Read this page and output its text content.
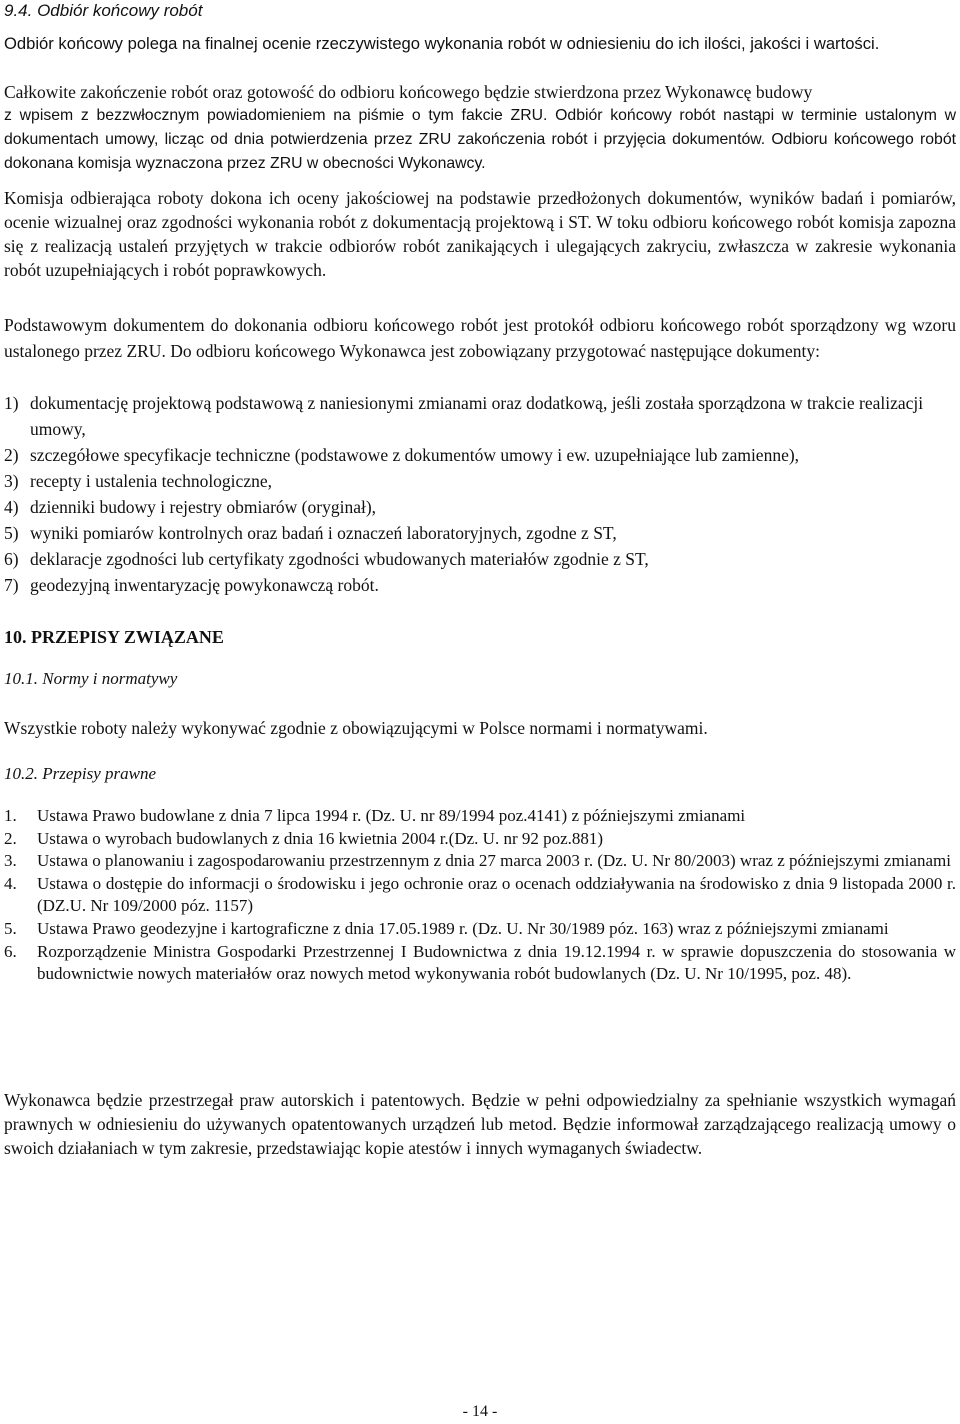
9.4. Odbiór końcowy robót

Odbiór końcowy polega na finalnej ocenie rzeczywistego wykonania robót w odniesieniu do ich ilości, jakości i wartości.

Całkowite zakończenie robót oraz gotowość do odbioru końcowego będzie stwierdzona przez Wykonawcę budowy

z wpisem z bezzwłocznym powiadomieniem na piśmie o tym fakcie ZRU. Odbiór końcowy robót nastąpi w terminie ustalonym w dokumentach umowy, licząc od dnia potwierdzenia przez ZRU zakończenia robót i przyjęcia dokumentów. Odbioru końcowego robót dokonana komisja wyznaczona przez ZRU w obecności Wykonawcy.

Komisja odbierająca roboty dokona ich oceny jakościowej na podstawie przedłożonych dokumentów, wyników badań i pomiarów, ocenie wizualnej oraz zgodności wykonania robót z dokumentacją projektową i ST. W toku odbioru końcowego robót komisja zapozna się z realizacją ustaleń przyjętych w trakcie odbiorów robót zanikających i ulegających zakryciu, zwłaszcza w zakresie wykonania robót uzupełniających i robót poprawkowych.

Podstawowym dokumentem do dokonania odbioru końcowego robót jest protokół odbioru końcowego robót sporządzony wg wzoru ustalonego przez ZRU. Do odbioru końcowego Wykonawca jest zobowiązany przygotować następujące dokumenty:

1) dokumentację projektową podstawową z naniesionymi zmianami oraz dodatkową, jeśli została sporządzona w trakcie realizacji umowy,
2) szczegółowe specyfikacje techniczne (podstawowe z dokumentów umowy i ew. uzupełniające lub zamienne),
3) recepty i ustalenia technologiczne,
4) dzienniki budowy i rejestry obmiarów (oryginał),
5) wyniki pomiarów kontrolnych oraz badań i oznaczeń laboratoryjnych, zgodne z ST,
6) deklaracje zgodności lub certyfikaty zgodności wbudowanych materiałów zgodnie z ST,
7) geodezyjną inwentaryzację powykonawczą robót.
10. PRZEPISY ZWIĄZANE
10.1. Normy i normatywy

Wszystkie roboty należy wykonywać zgodnie z obowiązującymi w Polsce normami i normatywami.

10.2. Przepisy prawne
1. Ustawa Prawo budowlane z dnia 7 lipca 1994 r. (Dz. U. nr 89/1994 poz.4141) z późniejszymi zmianami
2. Ustawa o wyrobach budowlanych z dnia 16 kwietnia 2004 r.(Dz. U. nr 92 poz.881)
3. Ustawa o planowaniu i zagospodarowaniu przestrzennym z dnia 27 marca 2003 r. (Dz. U. Nr 80/2003) wraz z późniejszymi zmianami
4. Ustawa o dostępie do informacji o środowisku i jego ochronie oraz o ocenach oddziaływania na środowisko z dnia 9 listopada 2000 r. (DZ.U. Nr 109/2000 póz. 1157)
5. Ustawa Prawo geodezyjne i kartograficzne z dnia 17.05.1989 r. (Dz. U. Nr 30/1989 póz. 163) wraz z późniejszymi zmianami
6. Rozporządzenie Ministra Gospodarki Przestrzennej I Budownictwa z dnia 19.12.1994 r. w sprawie dopuszczenia do stosowania w budownictwie nowych materiałów oraz nowych metod wykonywania robót budowlanych (Dz. U. Nr 10/1995, poz. 48).

Wykonawca będzie przestrzegał praw autorskich i patentowych. Będzie w pełni odpowiedzialny za spełnianie wszystkich wymagań prawnych w odniesieniu do używanych opatentowanych urządzeń lub metod. Będzie informował zarządzającego realizacją umowy o swoich działaniach w tym zakresie, przedstawiając kopie atestów i innych wymaganych świadectw.

- 14 -
